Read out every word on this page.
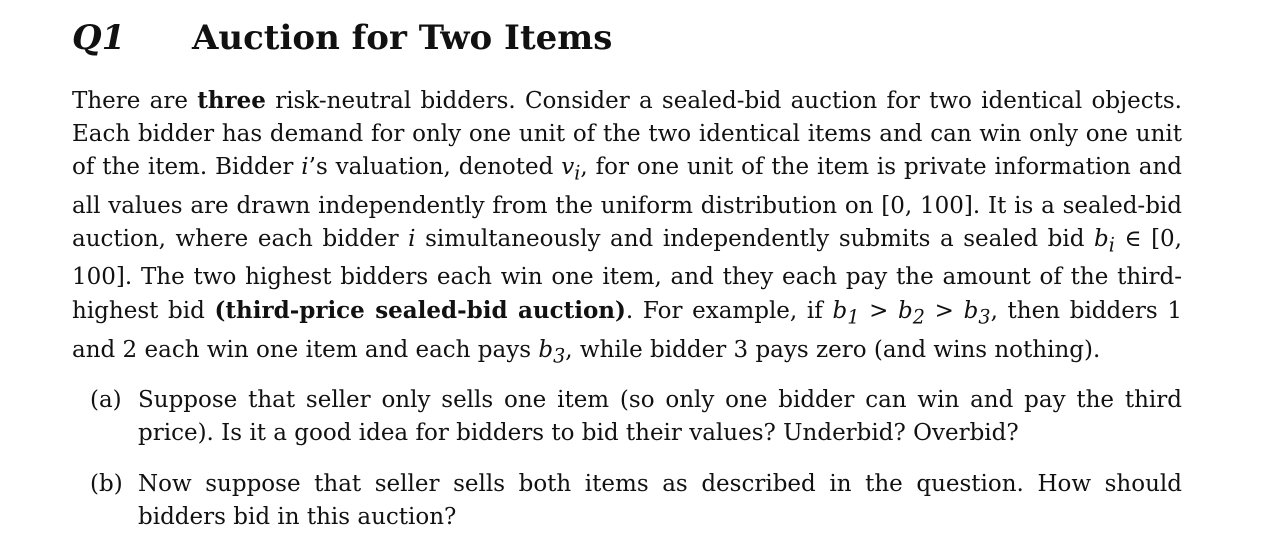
Q1	Auction for Two Items

There are three risk-neutral bidders. Consider a sealed-bid auction for two identical objects. Each bidder has demand for only one unit of the two identical items and can win only one unit of the item. Bidder i’s valuation, denoted $v_i$, for one unit of the item is private information and all values are drawn independently from the uniform distribution on [0, 100]. It is a sealed-bid auction, where each bidder i simultaneously and independently submits a sealed bid $b_i$ ∈ [0, 100]. The two highest bidders each win one item, and they each pay the amount of the third-highest bid (third-price sealed-bid auction). For example, if $b_1 > b_2 > b_3$, then bidders 1 and 2 each win one item and each pays $b_3$, while bidder 3 pays zero (and wins nothing).

(a) Suppose that seller only sells one item (so only one bidder can win and pay the third price). Is it a good idea for bidders to bid their values? Underbid? Overbid?
(b) Now suppose that seller sells both items as described in the question. How should bidders bid in this auction?
